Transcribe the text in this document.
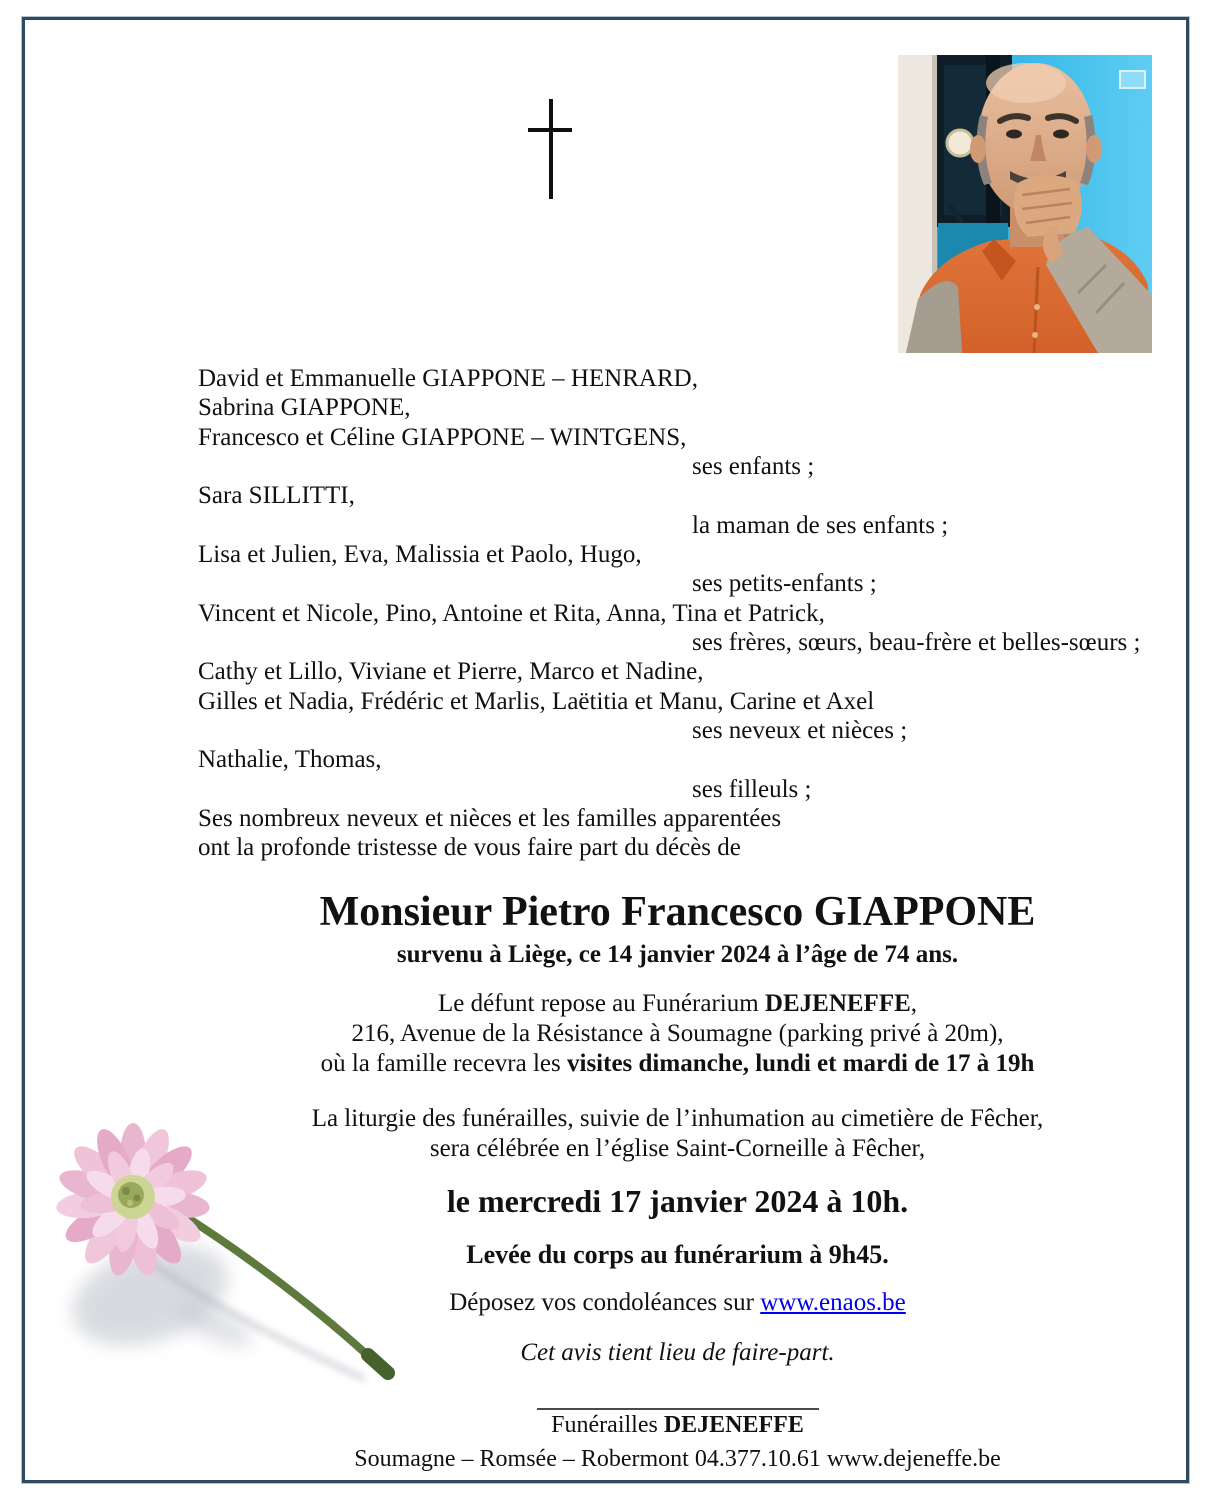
David et Emmanuelle GIAPPONE – HENRARD,
Sabrina GIAPPONE,
Francesco et Céline GIAPPONE – WINTGENS,
ses enfants ;
Sara SILLITTI,
la maman de ses enfants ;
Lisa et Julien, Eva, Malissia et Paolo, Hugo,
ses petits-enfants ;
Vincent et Nicole, Pino, Antoine et Rita, Anna, Tina et Patrick,
ses frères, sœurs, beau-frère et belles-sœurs ;
Cathy et Lillo, Viviane et Pierre, Marco et Nadine,
Gilles et Nadia, Frédéric et Marlis, Laëtitia et Manu, Carine et Axel
ses neveux et nièces ;
Nathalie, Thomas,
ses filleuls ;
Ses nombreux neveux et nièces et les familles apparentées
ont la profonde tristesse de vous faire part du décès de
Monsieur Pietro Francesco GIAPPONE
survenu à Liège, ce 14 janvier 2024 à l’âge de 74 ans.
Le défunt repose au Funérarium DEJENEFFE,
216, Avenue de la Résistance à Soumagne (parking privé à 20m),
où la famille recevra les visites dimanche, lundi et mardi de 17 à 19h
La liturgie des funérailles, suivie de l’inhumation au cimetière de Fêcher,
sera célébrée en l’église Saint-Corneille à Fêcher,
le mercredi 17 janvier 2024 à 10h.
Levée du corps au funérarium à 9h45.
Déposez vos condoléances sur www.enaos.be
Cet avis tient lieu de faire-part.
Funérailles DEJENEFFE
Soumagne – Romsée – Robermont 04.377.10.61 www.dejeneffe.be
